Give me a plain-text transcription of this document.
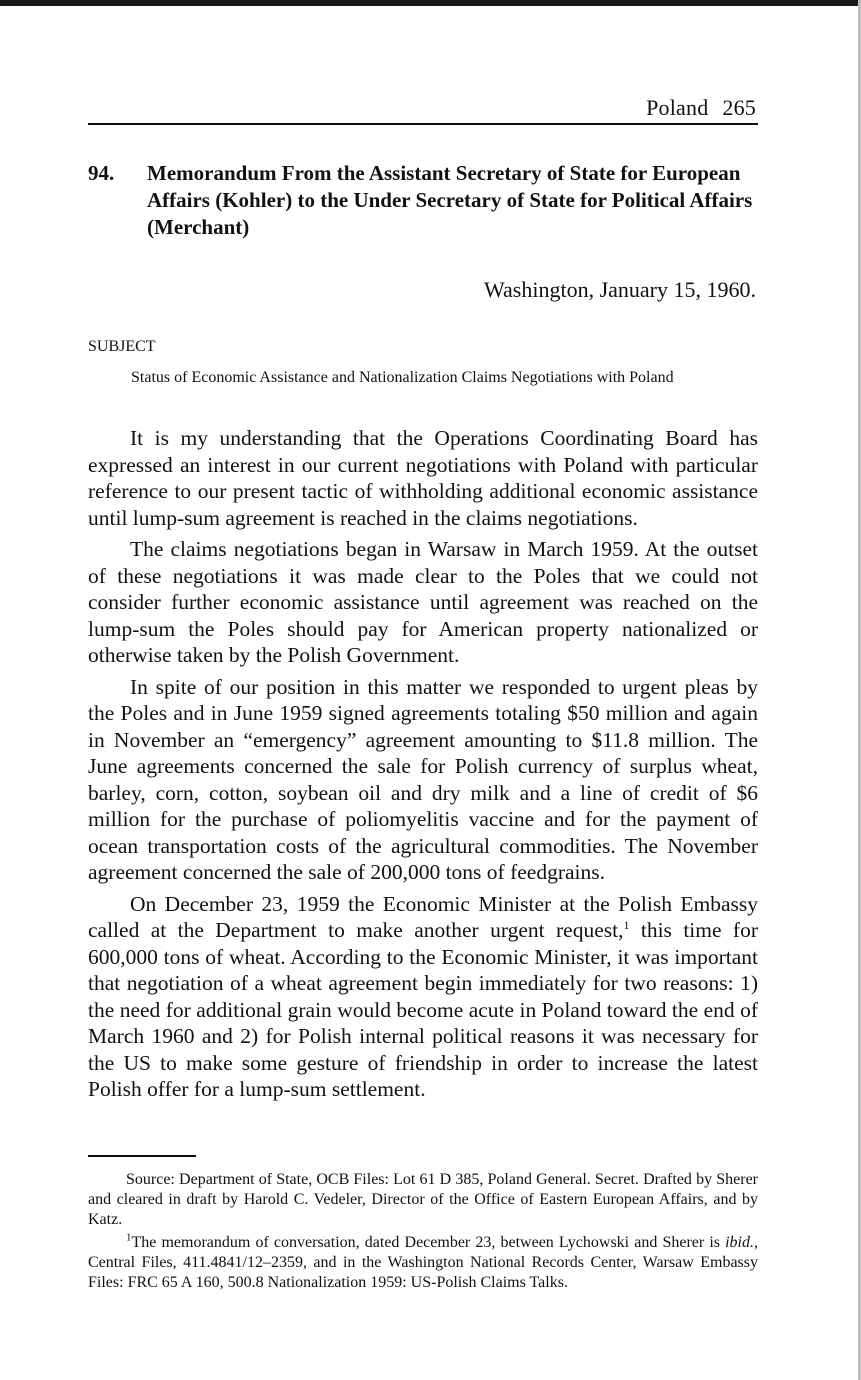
Poland 265
94.	Memorandum From the Assistant Secretary of State for European Affairs (Kohler) to the Under Secretary of State for Political Affairs (Merchant)
Washington, January 15, 1960.
SUBJECT
Status of Economic Assistance and Nationalization Claims Negotiations with Poland

It is my understanding that the Operations Coordinating Board has expressed an interest in our current negotiations with Poland with particular reference to our present tactic of withholding additional economic assistance until lump-sum agreement is reached in the claims negotiations.

The claims negotiations began in Warsaw in March 1959. At the outset of these negotiations it was made clear to the Poles that we could not consider further economic assistance until agreement was reached on the lump-sum the Poles should pay for American property nationalized or otherwise taken by the Polish Government.

In spite of our position in this matter we responded to urgent pleas by the Poles and in June 1959 signed agreements totaling $50 million and again in November an “emergency” agreement amounting to $11.8 million. The June agreements concerned the sale for Polish currency of surplus wheat, barley, corn, cotton, soybean oil and dry milk and a line of credit of $6 million for the purchase of poliomyelitis vaccine and for the payment of ocean transportation costs of the agricultural commodities. The November agreement concerned the sale of 200,000 tons of feedgrains.

On December 23, 1959 the Economic Minister at the Polish Embassy called at the Department to make another urgent request,$^1$ this time for 600,000 tons of wheat. According to the Economic Minister, it was important that negotiation of a wheat agreement begin immediately for two reasons: 1) the need for additional grain would become acute in Poland toward the end of March 1960 and 2) for Polish internal political reasons it was necessary for the US to make some gesture of friendship in order to increase the latest Polish offer for a lump-sum settlement.

Source: Department of State, OCB Files: Lot 61 D 385, Poland General. Secret. Drafted by Sherer and cleared in draft by Harold C. Vedeler, Director of the Office of Eastern European Affairs, and by Katz.

$^1$The memorandum of conversation, dated December 23, between Lychowski and Sherer is ibid., Central Files, 411.4841/12–2359, and in the Washington National Records Center, Warsaw Embassy Files: FRC 65 A 160, 500.8 Nationalization 1959: US-Polish Claims Talks.
